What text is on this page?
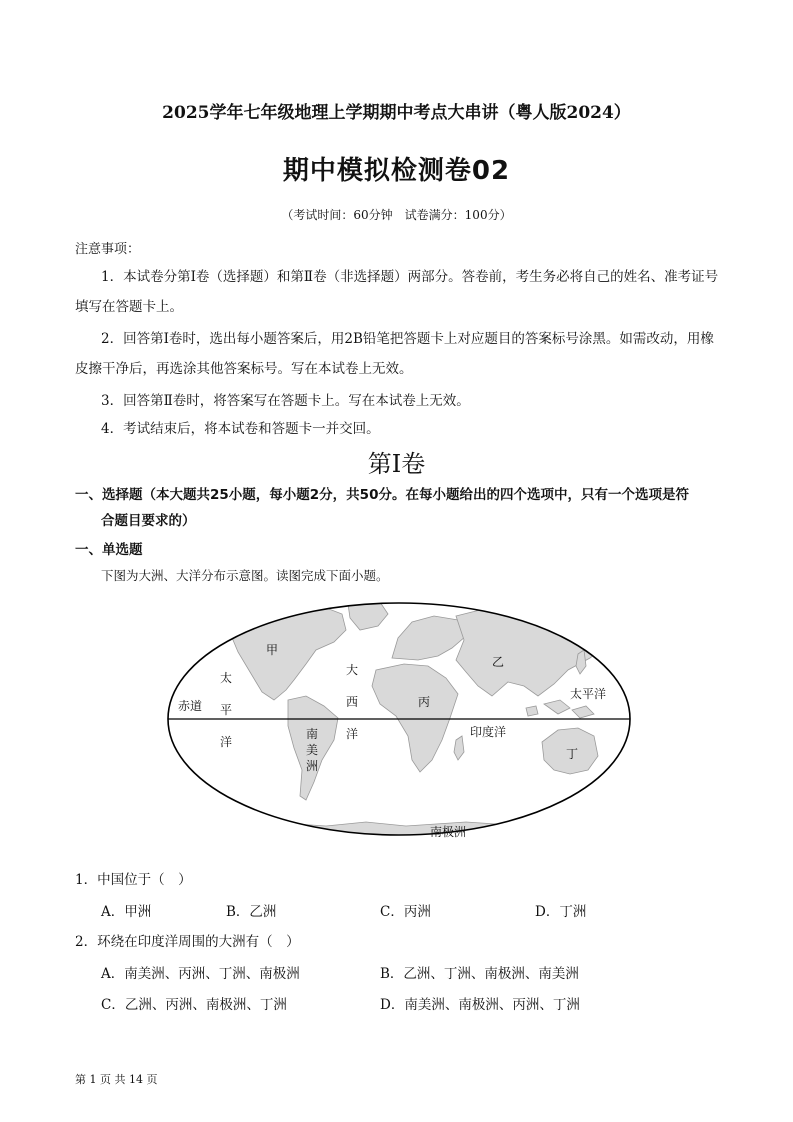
2025学年七年级地理上学期期中考点大串讲（粤人版2024）
期中模拟检测卷02
（考试时间：60分钟　试卷满分：100分）
注意事项：

1．本试卷分第Ⅰ卷（选择题）和第Ⅱ卷（非选择题）两部分。答卷前，考生务必将自己的姓名、准考证号填写在答题卡上。

2．回答第Ⅰ卷时，选出每小题答案后，用2B铅笔把答题卡上对应题目的答案标号涂黑。如需改动，用橡皮擦干净后，再选涂其他答案标号。写在本试卷上无效。

3．回答第Ⅱ卷时，将答案写在答题卡上。写在本试卷上无效。

4．考试结束后，将本试卷和答题卡一并交回。

第Ⅰ卷
一、选择题（本大题共25小题，每小题2分，共50分。在每小题给出的四个选项中，只有一个选项是符
合题目要求的）
一、单选题
下图为大洲、大洋分布示意图。读图完成下面小题。
甲
乙
丙
丁
赤道
太
平
洋
大
西
洋
南
美
洲
太平洋
印度洋
南极洲
1．中国位于（　）
A．甲洲	B．乙洲	C．丙洲	D．丁洲
2．环绕在印度洋周围的大洲有（　）
A．南美洲、丙洲、丁洲、南极洲	B．乙洲、丁洲、南极洲、南美洲
C．乙洲、丙洲、南极洲、丁洲	D．南美洲、南极洲、丙洲、丁洲
第 1 页 共 14 页
